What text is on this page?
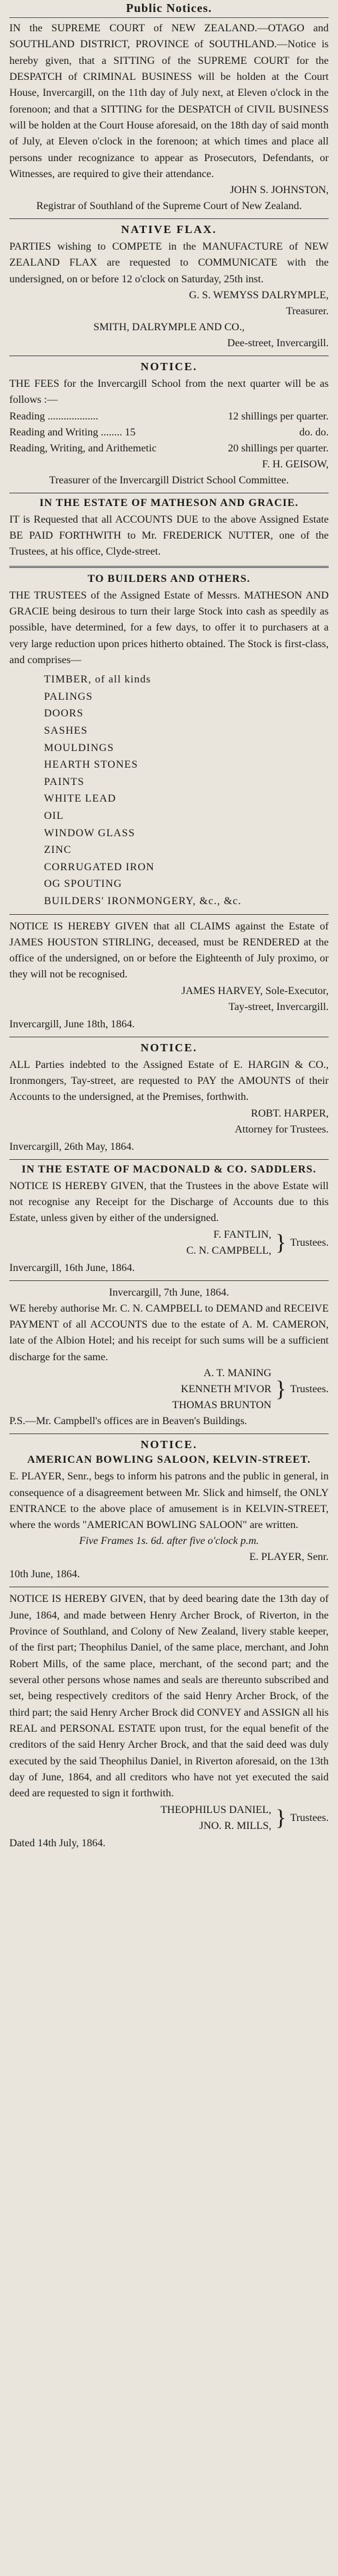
Public Notices.

IN the SUPREME COURT of NEW ZEALAND.—OTAGO and SOUTHLAND DISTRICT, PROVINCE of SOUTHLAND.—Notice is hereby given, that a SITTING of the SUPREME COURT for the DESPATCH of CRIMINAL BUSINESS will be holden at the Court House, Invercargill, on the 11th day of July next, at Eleven o'clock in the forenoon; and that a SITTING for the DESPATCH of CIVIL BUSINESS will be holden at the Court House aforesaid, on the 18th day of said month of July, at Eleven o'clock in the forenoon; at which times and place all persons under recognizance to appear as Prosecutors, Defendants, or Witnesses, are required to give their attendance.

JOHN S. JOHNSTON,
Registrar of Southland of the Supreme Court of New Zealand.
NATIVE FLAX.

PARTIES wishing to COMPETE in the MANUFACTURE of NEW ZEALAND FLAX are requested to COMMUNICATE with the undersigned, on or before 12 o'clock on Saturday, 25th inst.

G. S. WEMYSS DALRYMPLE,
Treasurer.
SMITH, DALRYMPLE AND CO.,
Dee-street, Invercargill.
NOTICE.

THE FEES for the Invercargill School from the next quarter will be as follows :—

Reading ...................	12 shillings per quarter.
Reading and Writing ........ 15	do. do.
Reading, Writing, and Arithemetic	20 shillings per quarter.
F. H. GEISOW,
Treasurer of the Invercargill District School Committee.
IN THE ESTATE OF MATHESON AND GRACIE.

IT is Requested that all ACCOUNTS DUE to the above Assigned Estate BE PAID FORTHWITH to Mr. FREDERICK NUTTER, one of the Trustees, at his office, Clyde-street.

TO BUILDERS AND OTHERS.

THE TRUSTEES of the Assigned Estate of Messrs. MATHESON AND GRACIE being desirous to turn their large Stock into cash as speedily as possible, have determined, for a few days, to offer it to purchasers at a very large reduction upon prices hitherto obtained. The Stock is first-class, and comprises—

TIMBER, of all kinds
PALINGS
DOORS
SASHES
MOULDINGS
HEARTH STONES
PAINTS
WHITE LEAD
OIL
WINDOW GLASS
ZINC
CORRUGATED IRON
OG SPOUTING
BUILDERS' IRONMONGERY, &c., &c.

NOTICE IS HEREBY GIVEN that all CLAIMS against the Estate of JAMES HOUSTON STIRLING, deceased, must be RENDERED at the office of the undersigned, on or before the Eighteenth of July proximo, or they will not be recognised.

JAMES HARVEY, Sole-Executor,
Tay-street, Invercargill.
Invercargill, June 18th, 1864.
NOTICE.

ALL Parties indebted to the Assigned Estate of E. HARGIN & CO., Ironmongers, Tay-street, are requested to PAY the AMOUNTS of their Accounts to the undersigned, at the Premises, forthwith.

ROBT. HARPER,
Attorney for Trustees.
Invercargill, 26th May, 1864.
IN THE ESTATE OF MACDONALD & CO. SADDLERS.

NOTICE IS HEREBY GIVEN, that the Trustees in the above Estate will not recognise any Receipt for the Discharge of Accounts due to this Estate, unless given by either of the undersigned.

F. FANTLIN,
C. N. CAMPBELL, } Trustees.
Invercargill, 16th June, 1864.
Invercargill, 7th June, 1864.

WE hereby authorise Mr. C. N. CAMPBELL to DEMAND and RECEIVE PAYMENT of all ACCOUNTS due to the estate of A. M. CAMERON, late of the Albion Hotel; and his receipt for such sums will be a sufficient discharge for the same.

A. T. MANING
KENNETH M'IVOR
THOMAS BRUNTON
} Trustees.

P.S.—Mr. Campbell's offices are in Beaven's Buildings.

NOTICE.
AMERICAN BOWLING SALOON, KELVIN-STREET.

E. PLAYER, Senr., begs to inform his patrons and the public in general, in consequence of a disagreement between Mr. Slick and himself, the ONLY ENTRANCE to the above place of amusement is in KELVIN-STREET, where the words "AMERICAN BOWLING SALOON" are written.

Five Frames 1s. 6d. after five o'clock p.m.
E. PLAYER, Senr.
10th June, 1864.

NOTICE IS HEREBY GIVEN, that by deed bearing date the 13th day of June, 1864, and made between Henry Archer Brock, of Riverton, in the Province of Southland, and Colony of New Zealand, livery stable keeper, of the first part; Theophilus Daniel, of the same place, merchant, and John Robert Mills, of the same place, merchant, of the second part; and the several other persons whose names and seals are thereunto subscribed and set, being respectively creditors of the said Henry Archer Brock, of the third part; the said Henry Archer Brock did CONVEY and ASSIGN all his REAL and PERSONAL ESTATE upon trust, for the equal benefit of the creditors of the said Henry Archer Brock, and that the said deed was duly executed by the said Theophilus Daniel, in Riverton aforesaid, on the 13th day of June, 1864, and all creditors who have not yet executed the said deed are requested to sign it forthwith.

THEOPHILUS DANIEL,
JNO. R. MILLS, } Trustees.
Dated 14th July, 1864.
